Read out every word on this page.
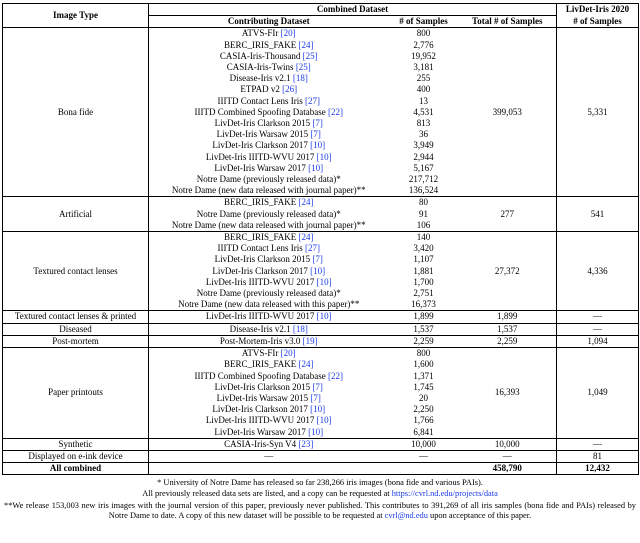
Image Type	Combined Dataset			LivDet-Iris 2020
	Contributing Dataset	# of Samples	Total # of Samples	# of Samples
Bona fide	ATVS-FIr [20]	800	399,053	5,331
	BERC_IRIS_FAKE [24]	2,776		
	CASIA-Iris-Thousand [25]	19,952		
	CASIA-Iris-Twins [25]	3,181		
	Disease-Iris v2.1 [18]	255		
	ETPAD v2 [26]	400		
	IIITD Contact Lens Iris [27]	13		
	IIITD Combined Spoofing Database [22]	4,531		
	LivDet-Iris Clarkson 2015 [7]	813		
	LivDet-Iris Warsaw 2015 [7]	36		
	LivDet-Iris Clarkson 2017 [10]	3,949		
	LivDet-Iris IIITD-WVU 2017 [10]	2,944		
	LivDet-Iris Warsaw 2017 [10]	5,167		
	Notre Dame (previously released data)*	217,712		
	Notre Dame (new data released with journal paper)**	136,524		
Artificial	BERC_IRIS_FAKE [24]	80	277	541
	Notre Dame (previously released data)*	91		
	Notre Dame (new data released with journal paper)**	106		
Textured contact lenses	BERC_IRIS_FAKE [24]	140	27,372	4,336
	IIITD Contact Lens Iris [27]	3,420		
	LivDet-Iris Clarkson 2015 [7]	1,107		
	LivDet-Iris Clarkson 2017 [10]	1,881		
	LivDet-Iris IIITD-WVU 2017 [10]	1,700		
	Notre Dame (previously released data)*	2,751		
	Notre Dame (new data released with this paper)**	16,373		
Textured contact lenses & printed	LivDet-Iris IIITD-WVU 2017 [10]	1,899	1,899	—
Diseased	Disease-Iris v2.1 [18]	1,537	1,537	—
Post-mortem	Post-Mortem-Iris v3.0 [19]	2,259	2,259	1,094
Paper printouts	ATVS-FIr [20]	800	16,393	1,049
	BERC_IRIS_FAKE [24]	1,600		
	IIITD Combined Spoofing Database [22]	1,371		
	LivDet-Iris Clarkson 2015 [7]	1,745		
	LivDet-Iris Warsaw 2015 [7]	20		
	LivDet-Iris Clarkson 2017 [10]	2,250		
	LivDet-Iris IIITD-WVU 2017 [10]	1,766		
	LivDet-Iris Warsaw 2017 [10]	6,841		
Synthetic	CASIA-Iris-Syn V4 [23]	10,000	10,000	—
Displayed on e-ink device	—	—	—	81
All combined			458,790	12,432
* University of Notre Dame has released so far 238,266 iris images (bona fide and various PAIs).
All previously released data sets are listed, and a copy can be requested at https://cvrl.nd.edu/projects/data
**We release 153,003 new iris images with the journal version of this paper, previously never published. This contributes to 391,269 of all iris samples (bona fide and PAIs) released by Notre Dame to date. A copy of this new dataset will be possible to be requested at cvrl@nd.edu upon acceptance of this paper.
